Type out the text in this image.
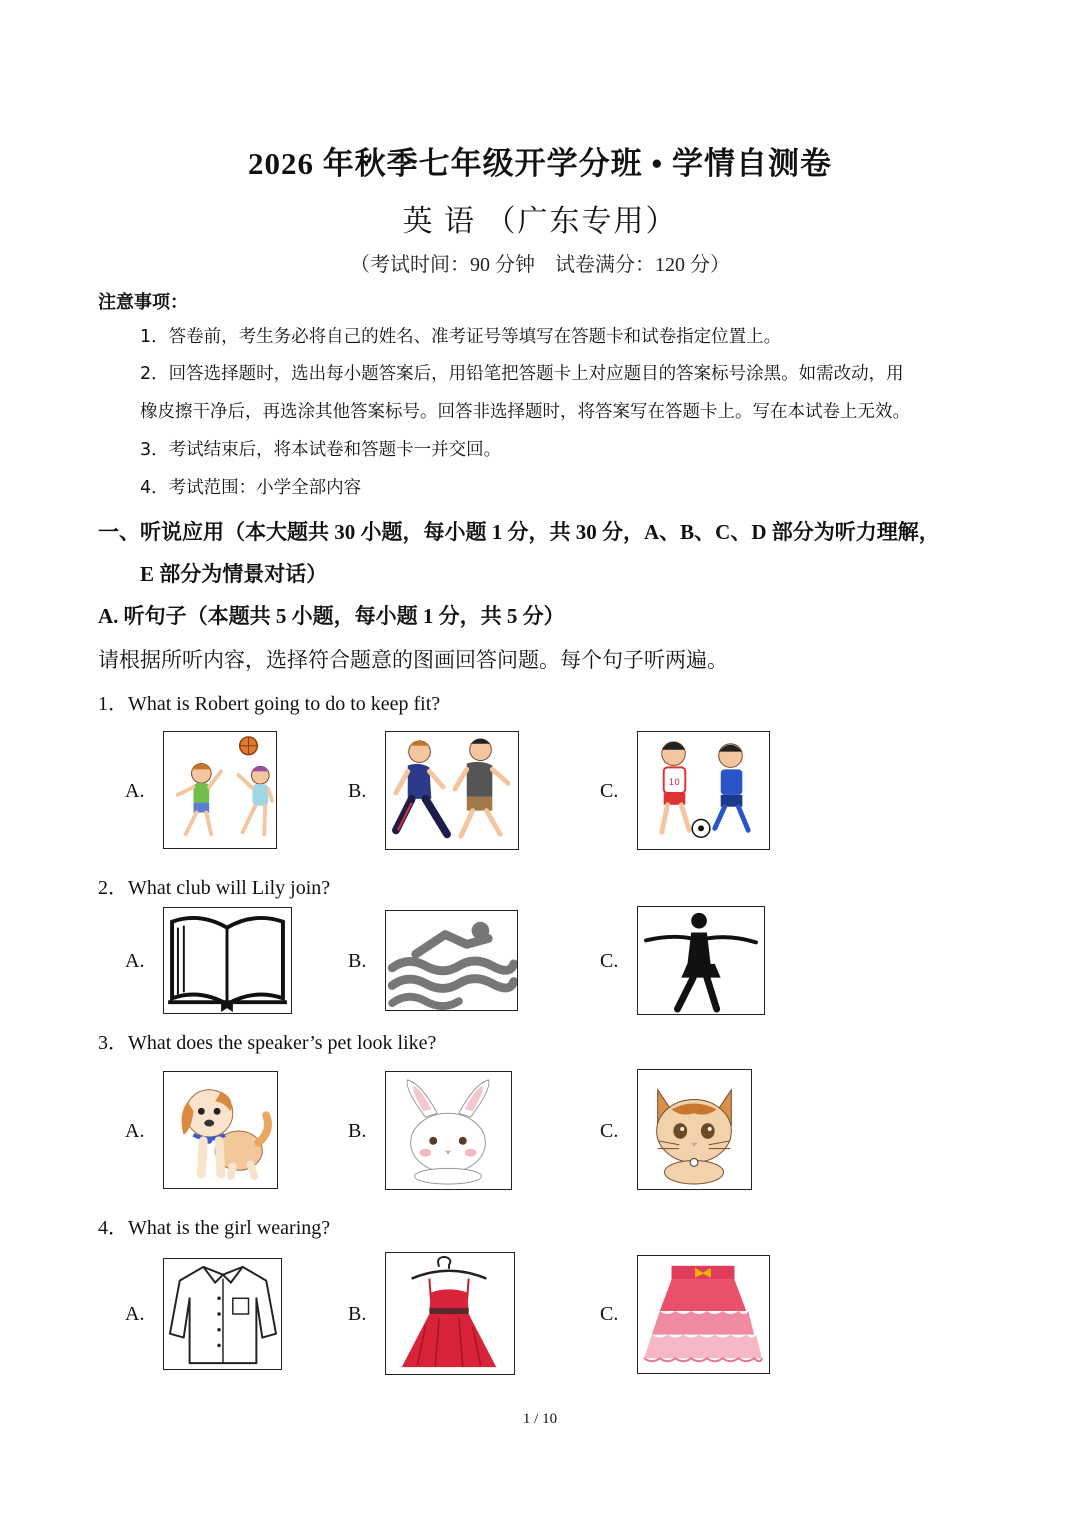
2026 年秋季七年级开学分班 • 学情自测卷
英 语 （广东专用）
（考试时间：90 分钟　试卷满分：120 分）
注意事项：
1．答卷前，考生务必将自己的姓名、准考证号等填写在答题卡和试卷指定位置上。
2．回答选择题时，选出每小题答案后，用铅笔把答题卡上对应题目的答案标号涂黑。如需改动，用
橡皮擦干净后，再选涂其他答案标号。回答非选择题时，将答案写在答题卡上。写在本试卷上无效。
3．考试结束后，将本试卷和答题卡一并交回。
4．考试范围：小学全部内容
一、听说应用（本大题共 30 小题，每小题 1 分，共 30 分，A、B、C、D 部分为听力理解，
E 部分为情景对话）
A. 听句子（本题共 5 小题，每小题 1 分，共 5 分）
请根据所听内容，选择符合题意的图画回答问题。每个句子听两遍。
1．What is Robert going to do to keep fit?
A.	B.	C.	10
2．What club will Lily join?
A.	B.	C.
3．What does the speaker’s pet look like?
A.	B.	C.
4．What is the girl wearing?
A.	B.	C.
1 / 10
